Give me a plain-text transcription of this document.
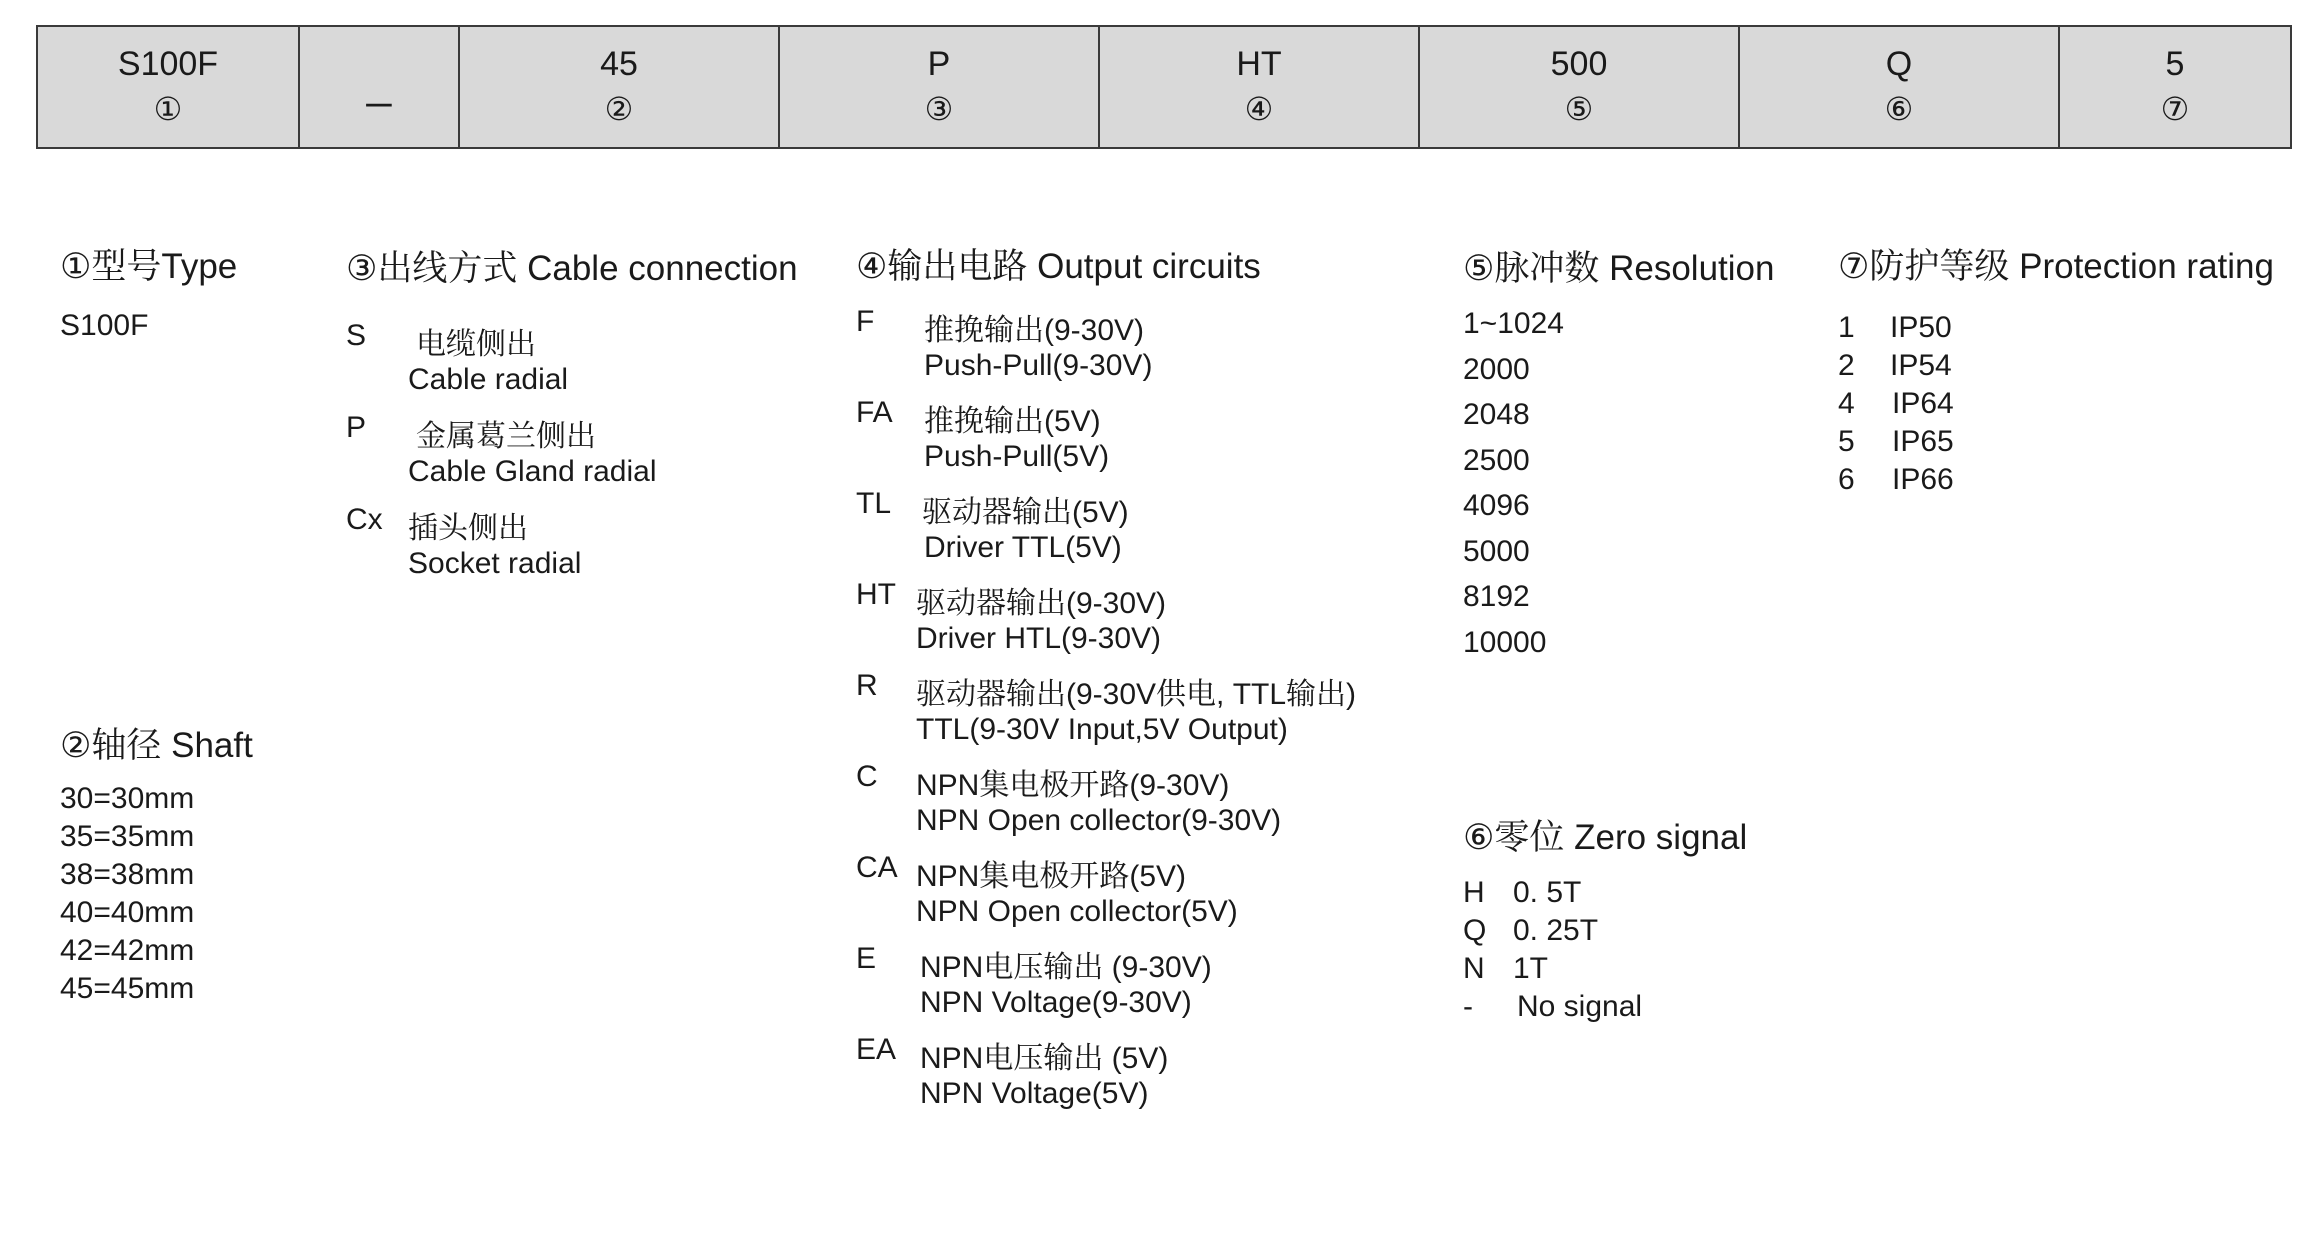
S100F
①
_	45
②
P
③
HT
④
500
⑤
Q
⑥
5
⑦
①型号Type
S100F
②轴径 Shaft
30=30mm
35=35mm
38=38mm
40=40mm
42=42mm
45=45mm
③出线方式 Cable connection
S 电缆侧出
Cable radial
P 金属葛兰侧出
Cable Gland radial
Cx 插头侧出
Socket radial
④输出电路 Output circuits
F 推挽输出(9-30V)
Push-Pull(9-30V)
FA 推挽输出(5V)
Push-Pull(5V)
TL 驱动器输出(5V)
Driver TTL(5V)
HT 驱动器输出(9-30V)
Driver HTL(9-30V)
R 驱动器输出(9-30V供电, TTL输出)
TTL(9-30V Input,5V Output)
C NPN集电极开路(9-30V)
NPN Open collector(9-30V)
CA NPN集电极开路(5V)
NPN Open collector(5V)
E NPN电压输出 (9-30V)
NPN Voltage(9-30V)
EA NPN电压输出 (5V)
NPN Voltage(5V)
⑤脉冲数 Resolution
1~1024
2000
2048
2500
4096
5000
8192
10000
⑥零位 Zero signal
H 0. 5T
Q 0. 25T
N 1T
- No signal
⑦防护等级 Protection rating
1 IP50
2 IP54
4 IP64
5 IP65
6 IP66
